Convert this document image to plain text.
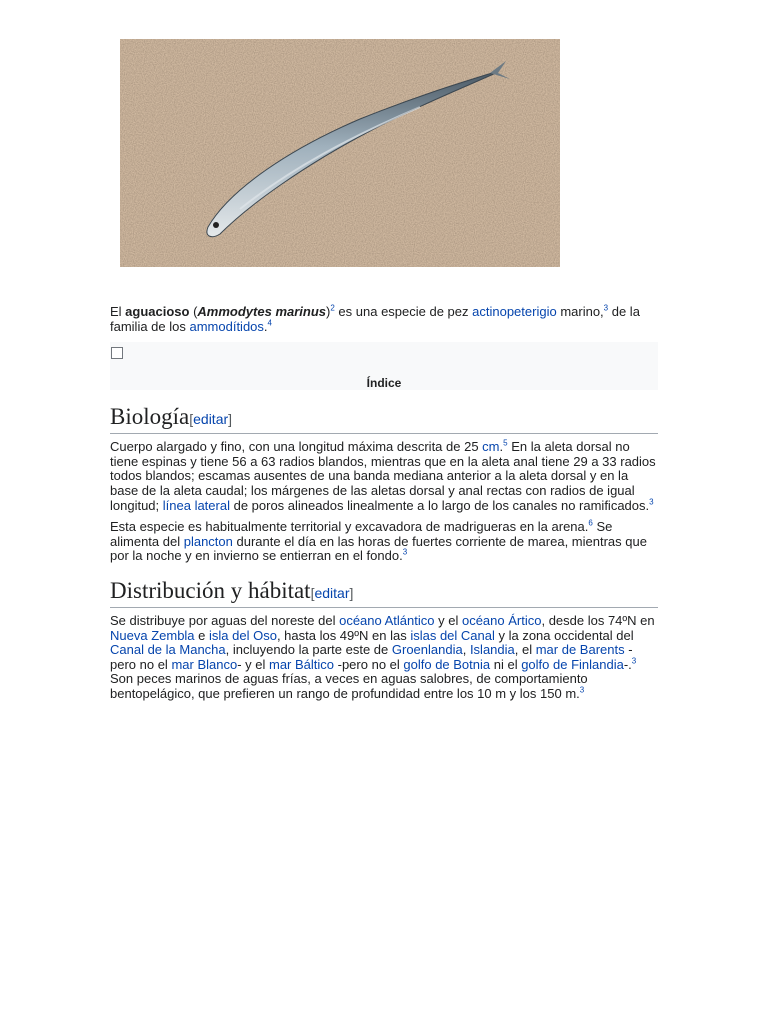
El aguacioso (Ammodytes marinus)$^2$ es una especie de pez actinopeterigio marino,$^3$ de la familia de los ammodítidos.$^4$

Índice
Biología[editar]

Cuerpo alargado y fino, con una longitud máxima descrita de 25 cm.$^5$ En la aleta dorsal no tiene espinas y tiene 56 a 63 radios blandos, mientras que en la aleta anal tiene 29 a 33 radios todos blandos; escamas ausentes de una banda mediana anterior a la aleta dorsal y en la base de la aleta caudal; los márgenes de las aletas dorsal y anal rectas con radios de igual longitud; línea lateral de poros alineados linealmente a lo largo de los canales no ramificados.$^3$

Esta especie es habitualmente territorial y excavadora de madrigueras en la arena.$^6$ Se alimenta del plancton durante el día en las horas de fuertes corriente de marea, mientras que por la noche y en invierno se entierran en el fondo.$^3$

Distribución y hábitat[editar]

Se distribuye por aguas del noreste del océano Atlántico y el océano Ártico, desde los 74ºN en Nueva Zembla e isla del Oso, hasta los 49ºN en las islas del Canal y la zona occidental del Canal de la Mancha, incluyendo la parte este de Groenlandia, Islandia, el mar de Barents -pero no el mar Blanco- y el mar Báltico -pero no el golfo de Botnia ni el golfo de Finlandia-.$^3$ Son peces marinos de aguas frías, a veces en aguas salobres, de comportamiento bentopelágico, que prefieren un rango de profundidad entre los 10 m y los 150 m.$^3$
